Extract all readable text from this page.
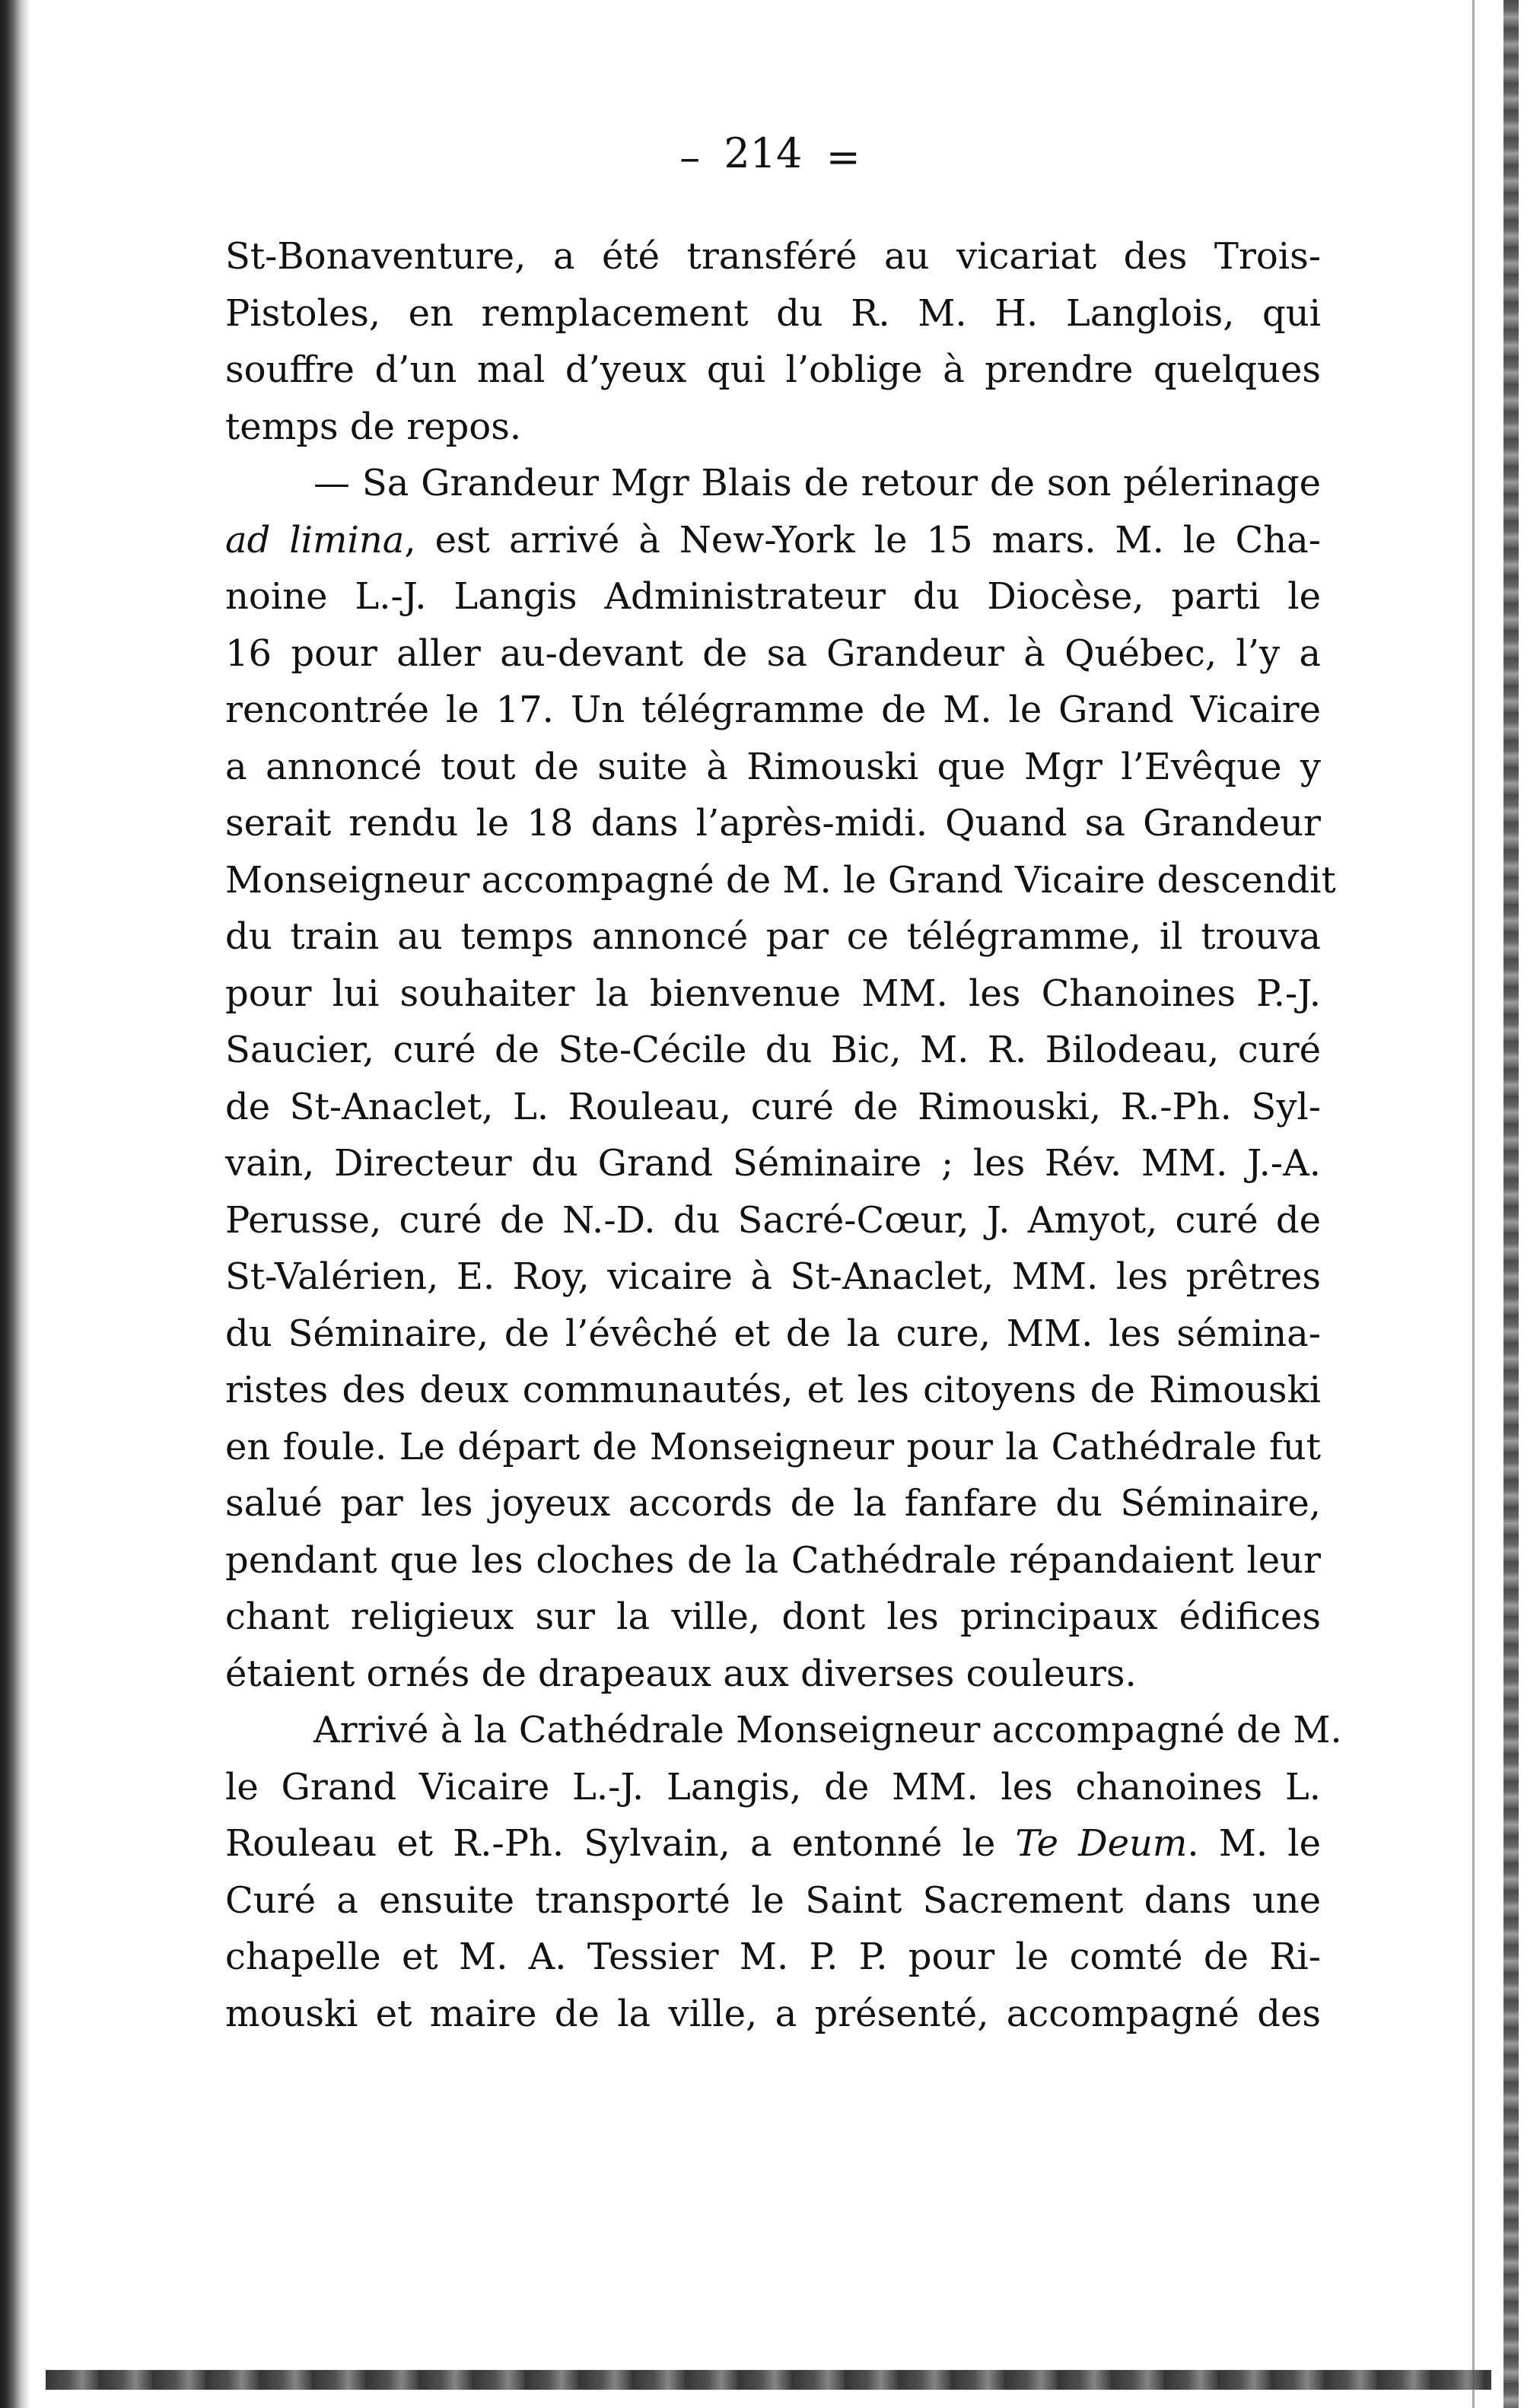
– 214 =
St-Bonaventure, a été transféré au vicariat des Trois-
Pistoles, en remplacement du R. M. H. Langlois, qui
souffre d’un mal d’yeux qui l’oblige à prendre quelques
temps de repos.
— Sa Grandeur Mgr Blais de retour de son pélerinage
ad limina, est arrivé à New-York le 15 mars. M. le Cha-
noine L.-J. Langis Administrateur du Diocèse, parti le
16 pour aller au-devant de sa Grandeur à Québec, l’y a
rencontrée le 17. Un télégramme de M. le Grand Vicaire
a annoncé tout de suite à Rimouski que Mgr l’Evêque y
serait rendu le 18 dans l’après-midi. Quand sa Grandeur
Monseigneur accompagné de M. le Grand Vicaire descendit
du train au temps annoncé par ce télégramme, il trouva
pour lui souhaiter la bienvenue MM. les Chanoines P.-J.
Saucier, curé de Ste-Cécile du Bic, M. R. Bilodeau, curé
de St-Anaclet, L. Rouleau, curé de Rimouski, R.-Ph. Syl-
vain, Directeur du Grand Séminaire ; les Rév. MM. J.-A.
Perusse, curé de N.-D. du Sacré-Cœur, J. Amyot, curé de
St-Valérien, E. Roy, vicaire à St-Anaclet, MM. les prêtres
du Séminaire, de l’évêché et de la cure, MM. les sémina-
ristes des deux communautés, et les citoyens de Rimouski
en foule. Le départ de Monseigneur pour la Cathédrale fut
salué par les joyeux accords de la fanfare du Séminaire,
pendant que les cloches de la Cathédrale répandaient leur
chant religieux sur la ville, dont les principaux édifices
étaient ornés de drapeaux aux diverses couleurs.
Arrivé à la Cathédrale Monseigneur accompagné de M.
le Grand Vicaire L.-J. Langis, de MM. les chanoines L.
Rouleau et R.-Ph. Sylvain, a entonné le Te Deum. M. le
Curé a ensuite transporté le Saint Sacrement dans une
chapelle et M. A. Tessier M. P. P. pour le comté de Ri-
mouski et maire de la ville, a présenté, accompagné des
